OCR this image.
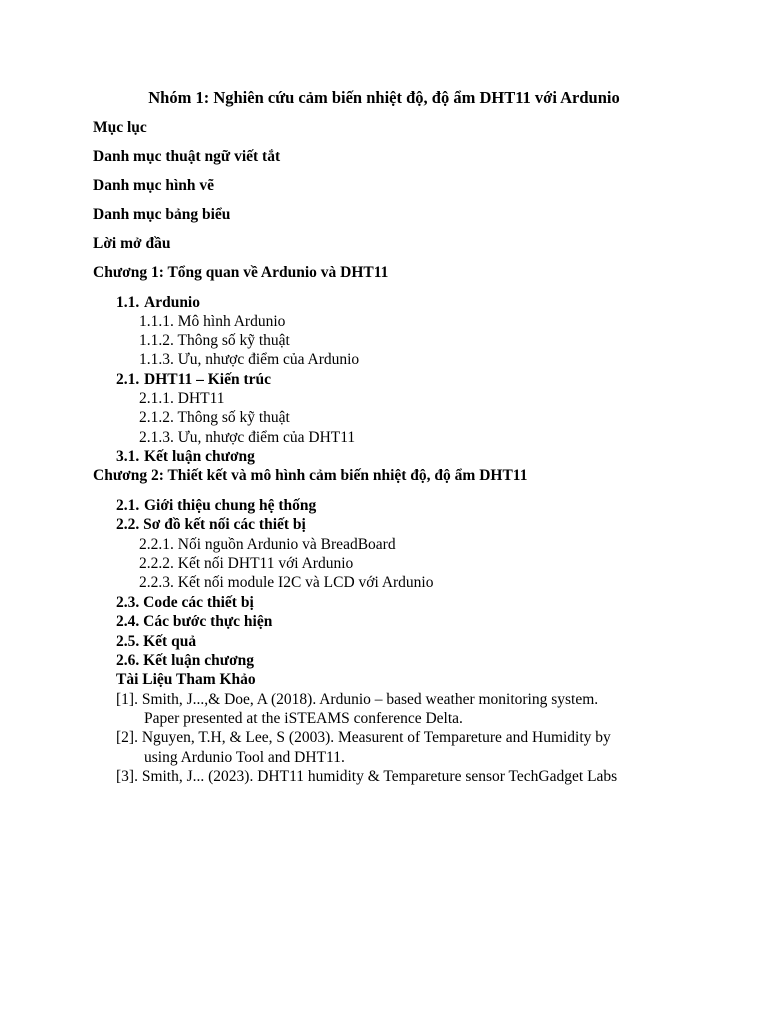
Nhóm 1: Nghiên cứu cảm biến nhiệt độ, độ ẩm DHT11 với Ardunio
Mục lục
Danh mục thuật ngữ viết tắt
Danh mục hình vẽ
Danh mục bảng biểu
Lời mở đầu
Chương 1: Tổng quan về Ardunio và DHT11
1.1. Ardunio
1.1.1. Mô hình Ardunio
1.1.2. Thông số kỹ thuật
1.1.3. Ưu, nhược điểm của Ardunio
2.1. DHT11 – Kiến trúc
2.1.1. DHT11
2.1.2. Thông số kỹ thuật
2.1.3. Ưu, nhược điểm của DHT11
3.1. Kết luận chương
Chương 2: Thiết kết và mô hình cảm biến nhiệt độ, độ ẩm DHT11
2.1. Giới thiệu chung hệ thống
2.2. Sơ đồ kết nối các thiết bị
2.2.1. Nối nguồn Ardunio và BreadBoard
2.2.2. Kết nối DHT11 với Ardunio
2.2.3. Kết nối module I2C và LCD với Ardunio
2.3. Code các thiết bị
2.4. Các bước thực hiện
2.5. Kết quả
2.6. Kết luận chương
Tài Liệu Tham Khảo
[1]. Smith, J...,& Doe, A (2018). Ardunio – based weather monitoring system.
Paper presented at the iSTEAMS conference Delta.
[2]. Nguyen, T.H, & Lee, S (2003). Measurent of Tempareture and Humidity by
using Ardunio Tool and DHT11.
[3]. Smith, J... (2023). DHT11 humidity & Tempareture sensor TechGadget Labs
